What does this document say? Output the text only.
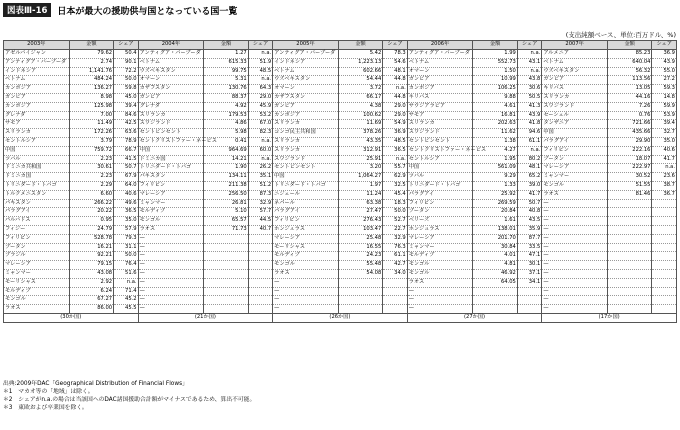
図表Ⅲ-16	日本が最大の援助供与国となっている国一覧
(支出純額ベース、単位:百万ドル、%)
2003年	金額	シェア	2004年	金額	シェア	2005年	金額	シェア	2006年	金額	シェア	2007年	金額	シェア
アゼルバイジャン	79.62	50.4	アンティグア・バーブーダ	1.27	n.a.	アンティグア・バーブーダ	5.42	78.3	アンティグア・バーブーダ	1.99	n.a.	アルメニア	85.23	36.9
アンティグア・バーブーダ	2.74	90.1	ベトナム	615.33	51.9	インドネシア	1,223.13	54.6	ベトナム	552.73	43.1	ベトナム	640.04	43.9
インドネシア	1,141.76	72.2	ウズベキスタン	99.75	48.5	ベトナム	602.66	48.1	オマーン	1.50	n.a.	ウズベキスタン	56.32	55.0
ベトナム	484.24	50.0	オマーン	5.31	n.a.	ウズベキスタン	54.44	44.8	ガンビア	10.99	43.8	ガンビア	113.56	27.2
カンボジア	136.27	59.8	カザフスタン	130.76	64.3	オマーン	3.72	n.a.	カンボジア	106.25	30.6	キリバス	13.05	59.3
ガンビア	8.98	45.0	ガンビア	88.37	29.0	カザフスタン	66.17	44.8	キリバス	9.88	50.5	スリランカ	44.16	14.8
カンボジア	125.98	39.4	グレナダ	4.92	45.9	ガンビア	4.38	29.0	サウジアラビア	4.61	41.3	スワジランド	7.26	59.9
グレナダ	7.00	84.6	スリランカ	179.53	53.2	カンボジア	100.62	29.0	サモア	16.81	43.9	セーシェル	0.76	53.9
サモア	11.49	42.5	スワジランド	4.86	67.0	スリランカ	11.69	54.9	スリランカ	202.63	41.8	タンザニア	721.66	39.4
スリランカ	172.26	63.6	セントビンセント	5.98	82.3	コンゴ民主共和国	378.26	36.9	スワジランド	11.62	94.6	中国	435.66	32.7
セントルシア	3.79	78.9	セントクリストファー・ネービス	0.41	n.a.	スリランカ	43.35	48.5	セントビンセント	1.38	61.1	パラグアイ	29.90	35.0
中国	759.72	66.7	中国	964.69	60.0	スリランカ	312.91	36.5	セントクリストファー・ネービス	4.27	n.a.	フィリピン	222.16	40.6
ツバル	2.23	41.5	ドミニカ国	14.21	n.a.	スワジランド	25.91	n.a.	セントルシア	1.95	80.2	ブータン	18.07	41.7
ドミニカ共和国	30.61	50.7	トリニダード・トバゴ	1.90	26.2	セントビンセント	3.20	55.7	中国	561.09	48.1	マレーシア	222.97	n.a.
ドミニカ国	2.23	67.9	パキスタン	134.11	35.1	中国	1,064.27	62.9	ツバル	9.29	65.2	ミャンマー	30.52	23.6
トリニダード・トバゴ	2.29	64.0	フィリピン	211.38	51.2	トリニダード・トバゴ	1.97	32.5	トリニダード・トバゴ	1.33	39.0	モンゴル	51.55	38.7
トルクメニスタン	6.60	40.6	マレーシア	256.50	87.3	ニジェール	11.24	45.4	パラグアイ	25.92	41.7	ラオス	81.46	36.7
パキスタン	266.22	49.6	ミャンマー	26.81	32.9	ネパール	63.38	18.3	フィリピン	269.59	50.7	—		
パラグアイ	20.22	36.5	モルディブ	5.10	57.7	パラグアイ	27.47	50.0	ブータン	20.84	40.8	—		
パルバドス	0.95	35.0	モンゴル	65.57	44.5	フィリピン	276.43	52.7	ベリーズ	1.61	43.5	—		
フィジー	24.79	57.9	ラオス	71.73	40.7	ホンジュラス	103.47	22.7	ホンジュラス	138.01	35.9	—		
フィリピン	528.78	79.3	—			マレーシア	25.48	32.9	マレーシア	201.70	87.7	—		
ブータン	16.21	31.1	—			モーリシャス	16.55	76.3	ミャンマー	30.84	33.5	—		
ブラジル	92.21	50.0	—			モルディブ	24.23	61.1	モルディブ	4.01	47.1	—		
マレーシア	79.15	76.4	—			モンゴル	55.48	42.7	モンゴル	4.81	30.1	—		
ミャンマー	43.08	51.6	—			ラオス	54.08	34.0	モンゴル	46.92	37.1	—		
モーリシャス	2.92	n.a.	—			—			ラオス	64.05	34.1	—		
モルディブ	6.24	71.4	—			—			—			—		
モンゴル	67.27	45.2	—			—			—			—		
ラオス	86.00	45.5	—			—			—			—		
(30か国)			(21か国)			(26か国)			(27か国)			(17か国)		
出典:2009年DAC「Geographical Distribution of Financial Flows」
＊1　マカオ等の「地域」は除く。
＊2　シェアがn.a.の場合は当該国へのDAC諸国援助合計額がマイナスであるため、算出不可能。
＊3　東欧および卒業国を除く。
